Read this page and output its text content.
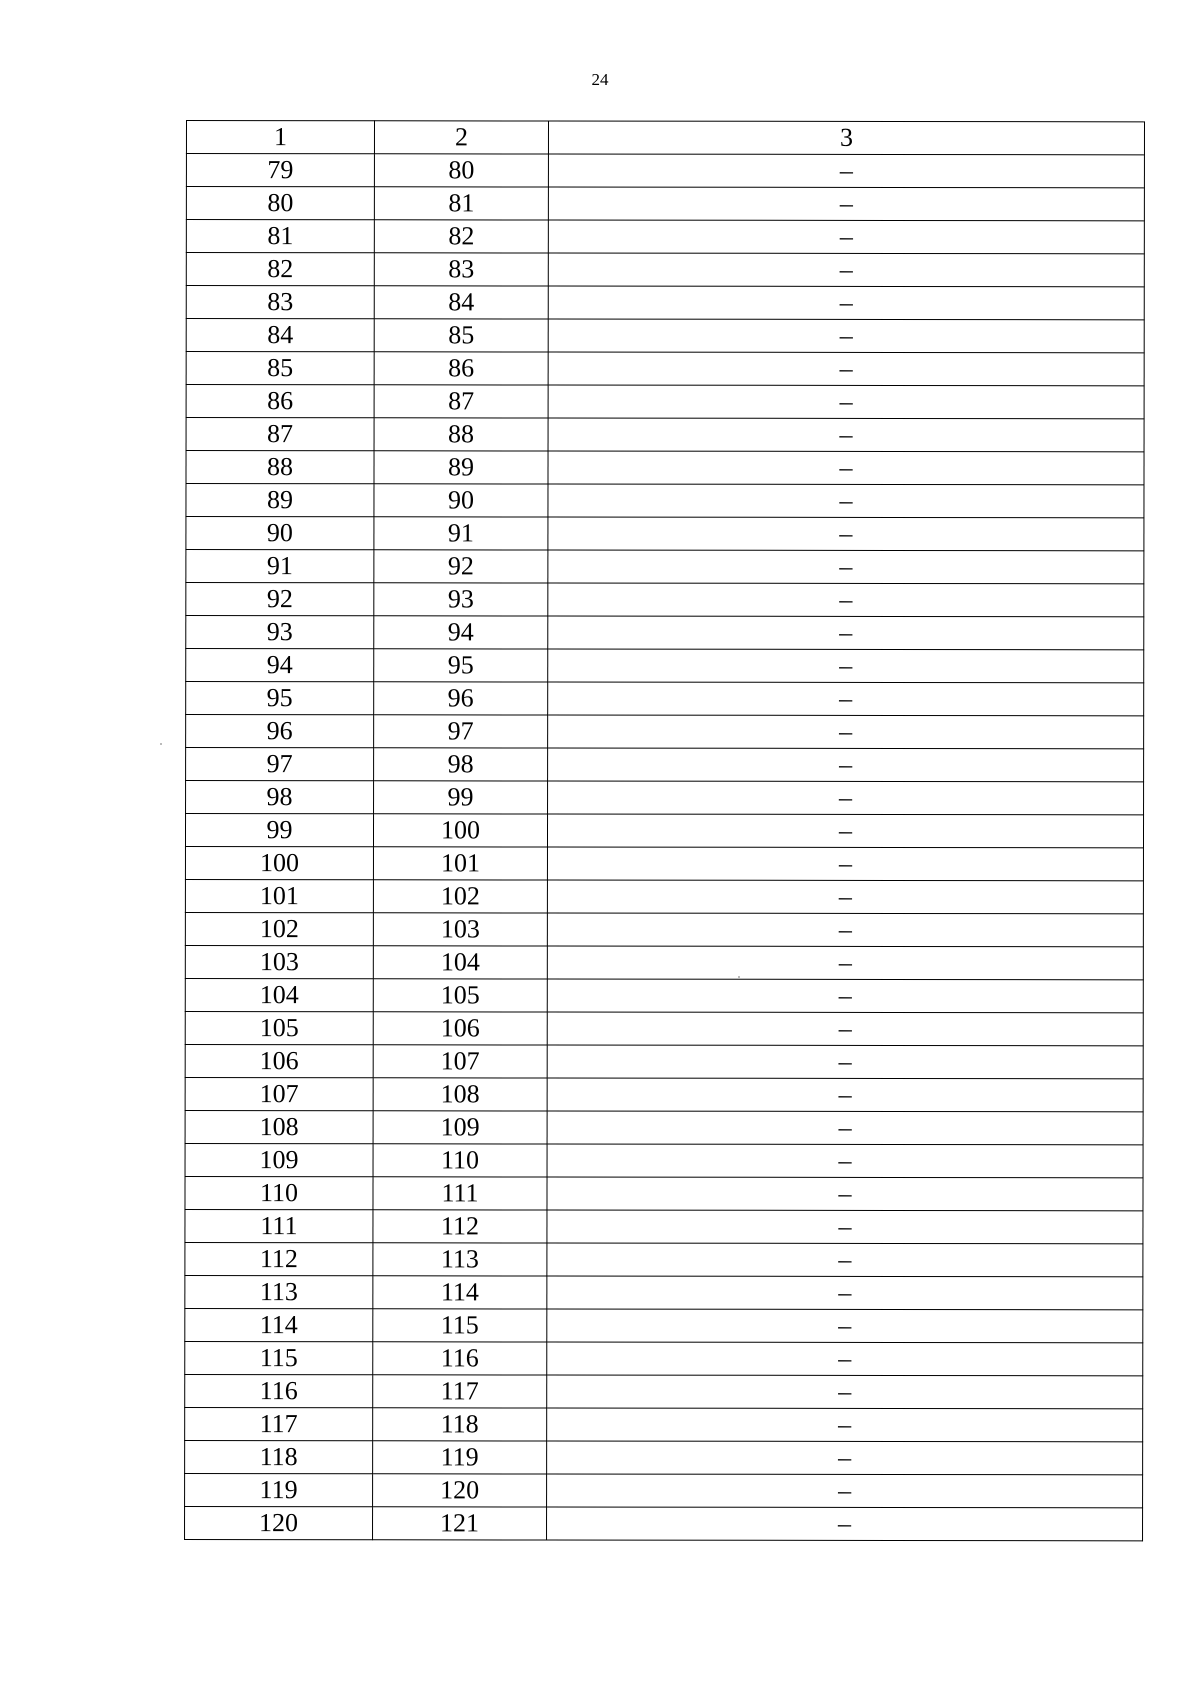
24
1	2	3
79	80	–
80	81	–
81	82	–
82	83	–
83	84	–
84	85	–
85	86	–
86	87	–
87	88	–
88	89	–
89	90	–
90	91	–
91	92	–
92	93	–
93	94	–
94	95	–
95	96	–
96	97	–
97	98	–
98	99	–
99	100	–
100	101	–
101	102	–
102	103	–
103	104	–
104	105	–
105	106	–
106	107	–
107	108	–
108	109	–
109	110	–
110	111	–
111	112	–
112	113	–
113	114	–
114	115	–
115	116	–
116	117	–
117	118	–
118	119	–
119	120	–
120	121	–
